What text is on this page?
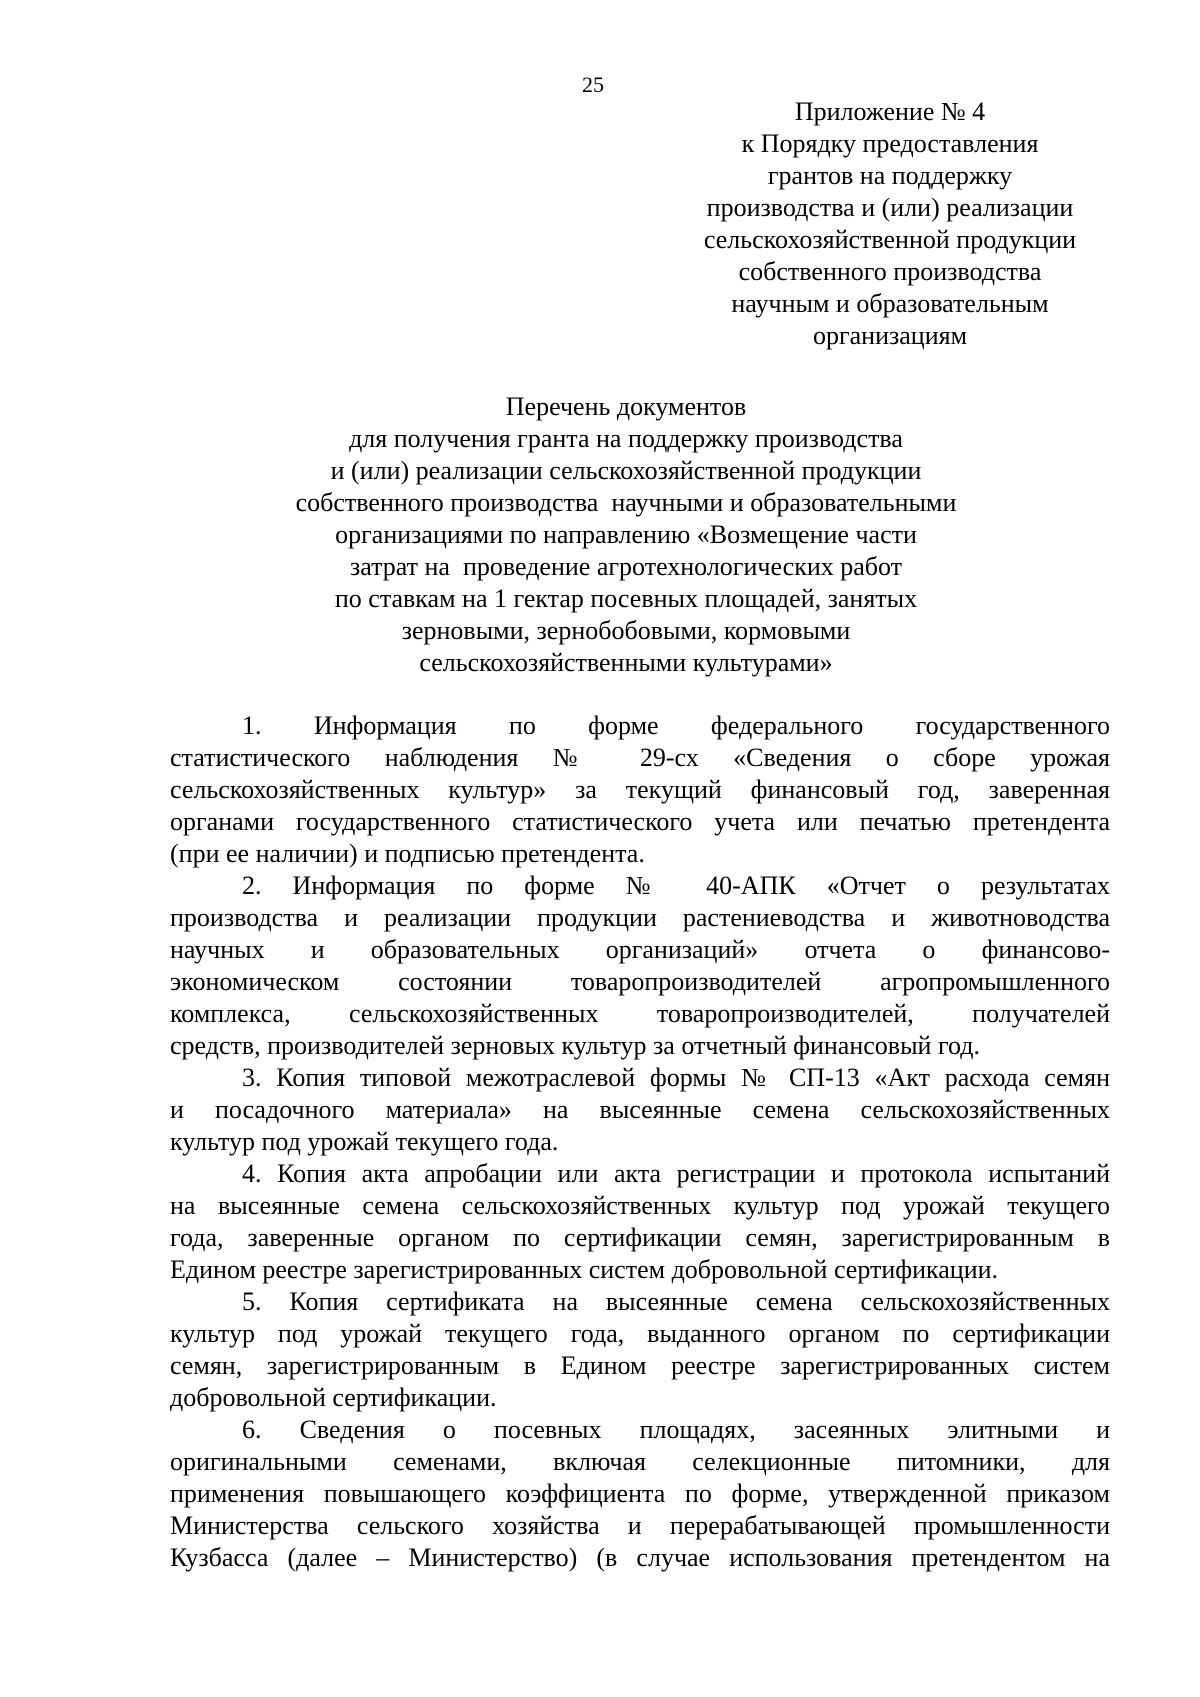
25
Приложение № 4
к Порядку предоставления
грантов на поддержку
производства и (или) реализации
сельскохозяйственной продукции
собственного производства
научным и образовательным
организациям
Перечень документов
для получения гранта на поддержку производства
и (или) реализации сельскохозяйственной продукции
собственного производства  научными и образовательными
организациями по направлению «Возмещение части
затрат на  проведение агротехнологических работ
по ставкам на 1 гектар посевных площадей, занятых
зерновыми, зернобобовыми, кормовыми
сельскохозяйственными культурами»
1. Информация по форме федерального государственного
статистического наблюдения № 29-сх «Сведения о сборе урожая
сельскохозяйственных культур» за текущий финансовый год, заверенная
органами государственного статистического учета или печатью претендента
(при ее наличии) и подписью претендента.
2. Информация по форме № 40-АПК «Отчет о результатах
производства и реализации продукции растениеводства и животноводства
научных и образовательных организаций» отчета о финансово-
экономическом состоянии товаропроизводителей агропромышленного
комплекса, сельскохозяйственных товаропроизводителей, получателей
средств, производителей зерновых культур за отчетный финансовый год.
3. Копия типовой межотраслевой формы № СП-13 «Акт расхода семян
и посадочного материала» на высеянные семена сельскохозяйственных
культур под урожай текущего года.
4. Копия акта апробации или акта регистрации и протокола испытаний
на высеянные семена сельскохозяйственных культур под урожай текущего
года, заверенные органом по сертификации семян, зарегистрированным в
Едином реестре зарегистрированных систем добровольной сертификации.
5. Копия сертификата на высеянные семена сельскохозяйственных
культур под урожай текущего года, выданного органом по сертификации
семян, зарегистрированным в Едином реестре зарегистрированных систем
добровольной сертификации.
6. Сведения о посевных площадях, засеянных элитными и
оригинальными семенами, включая селекционные питомники, для
применения повышающего коэффициента по форме, утвержденной приказом
Министерства сельского хозяйства и перерабатывающей промышленности
Кузбасса (далее – Министерство) (в случае использования претендентом на
